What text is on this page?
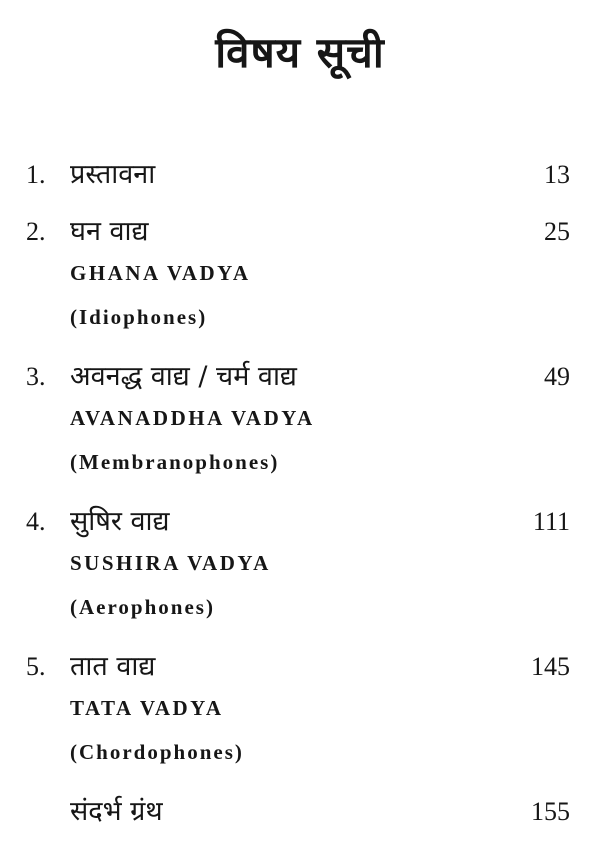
विषय सूची
1. प्रस्तावना	13
2. घन वाद्य
GHANA VADYA
(Idiophones)
25
3. अवनद्ध वाद्य / चर्म वाद्य
AVANADDHA VADYA
(Membranophones)
49
4. सुषिर वाद्य
SUSHIRA VADYA
(Aerophones)
111
5. तात वाद्य
TATA VADYA
(Chordophones)
145
संदर्भ ग्रंथ	155
